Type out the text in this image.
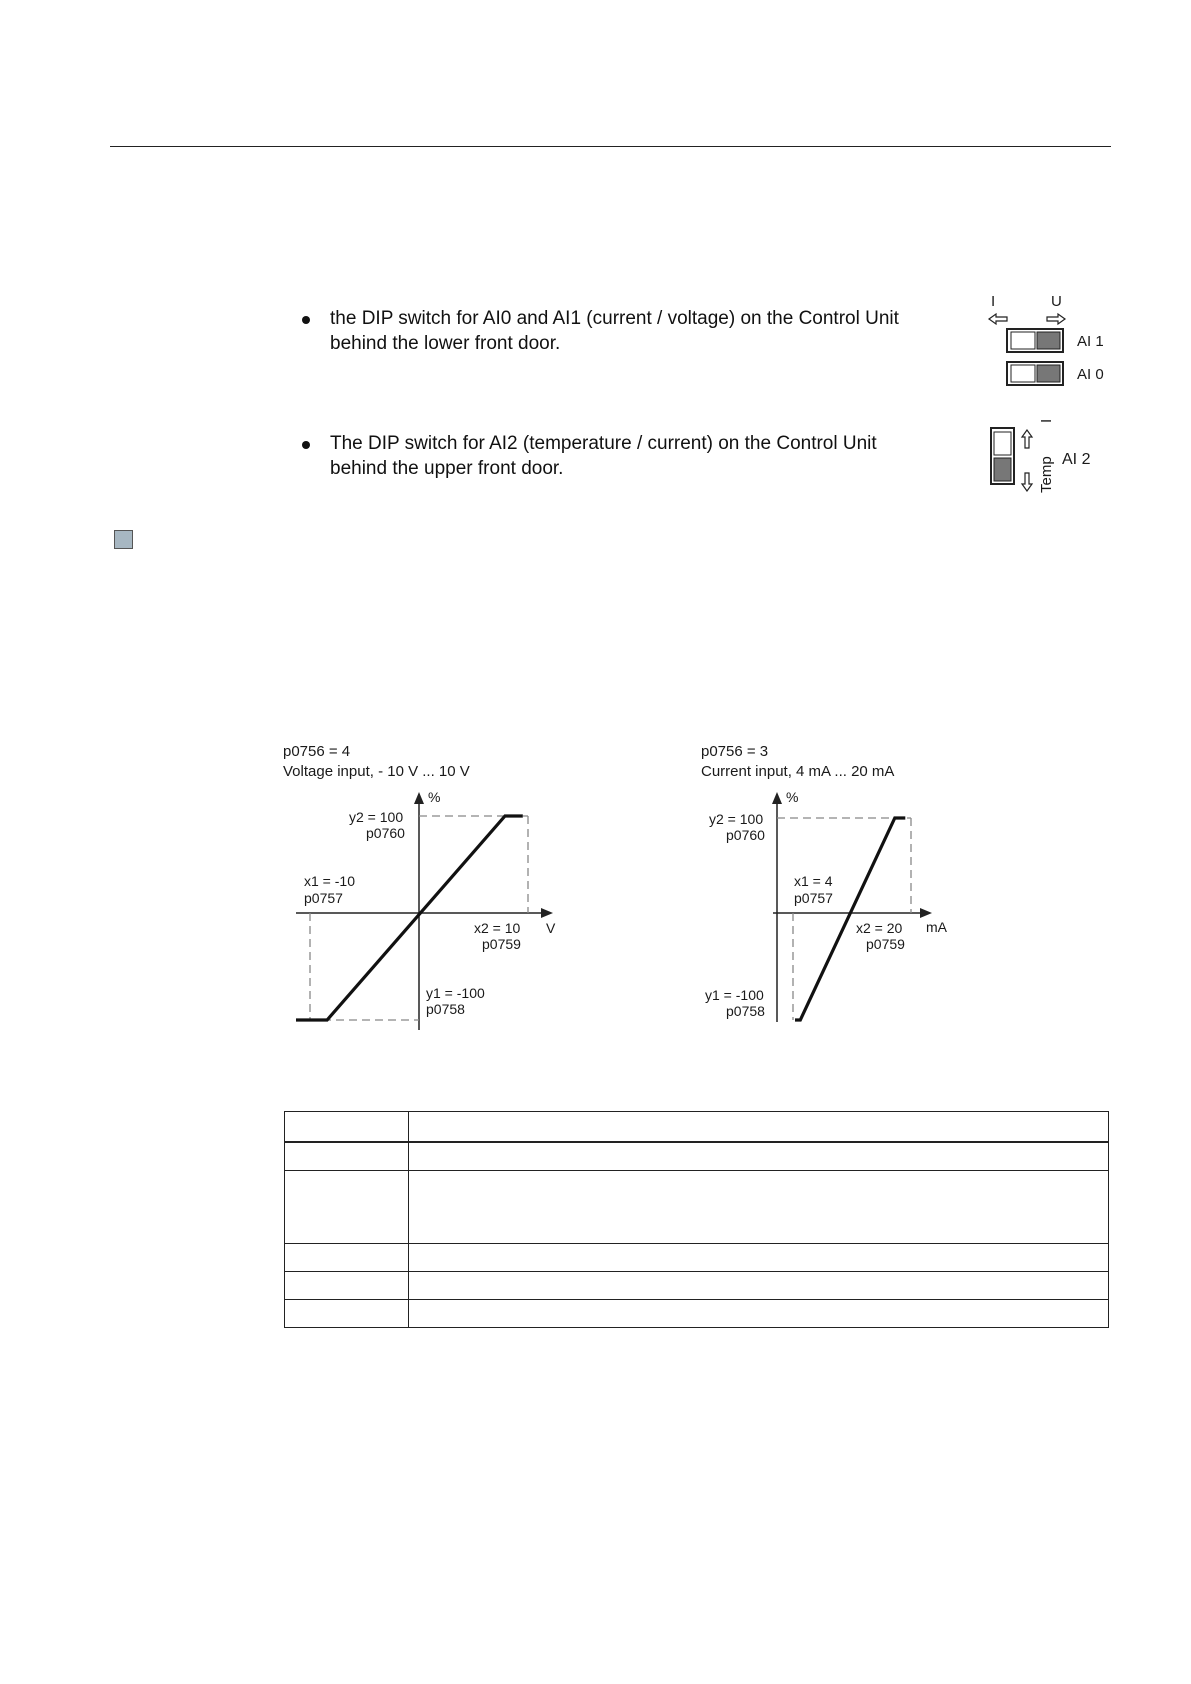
the DIP switch for AI0 and AI1 (current / voltage) on the Control Unit
behind the lower front door.
The DIP switch for AI2 (temperature / current) on the Control Unit
behind the upper front door.
I	U
AI 1
AI 0
I
Temp AI 2
p0756 = 4
Voltage input, - 10 V ... 10 V
%
V
y2 = 100
p0760
x1 = -10
p0757
x2 = 10
p0759
y1 = -100
p0758
p0756 = 3
Current input, 4 mA ... 20 mA
%
mA
y2 = 100
p0760
x1 = 4
p0757
x2 = 20
p0759
y1 = -100
p0758
